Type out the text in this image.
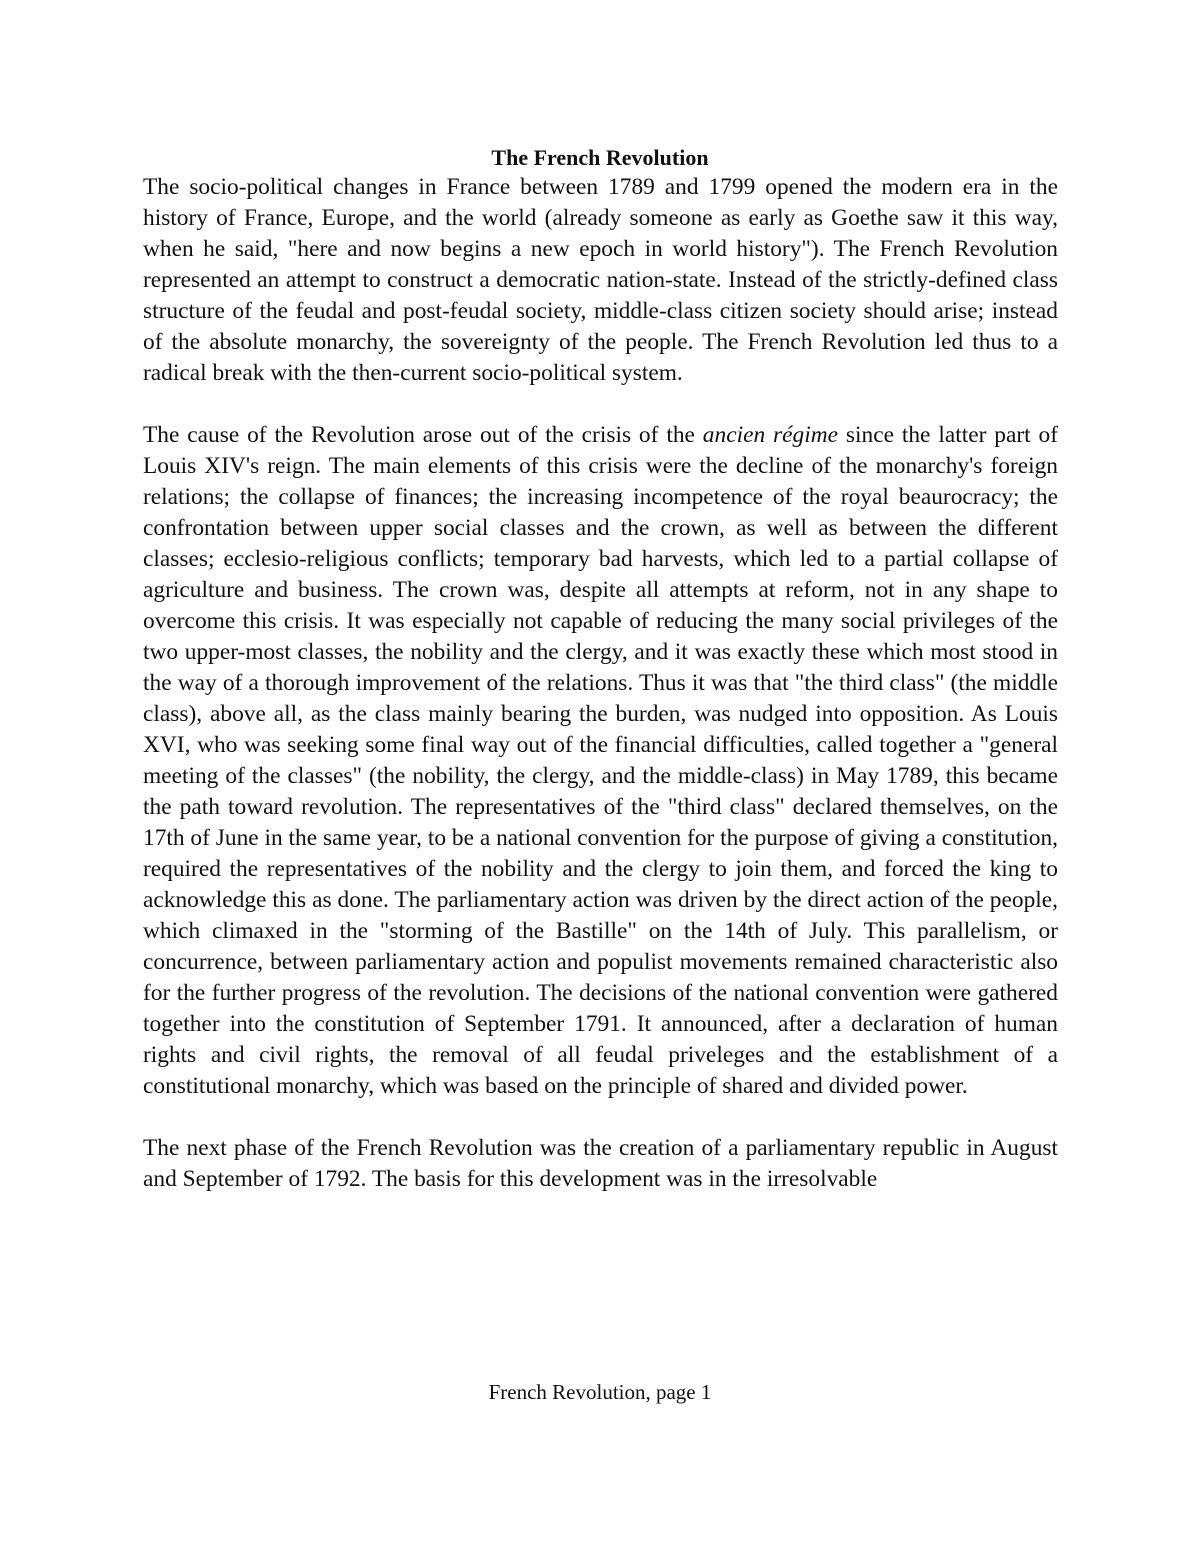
The French Revolution

The socio-political changes in France between 1789 and 1799 opened the modern era in the history of France, Europe, and the world (already someone as early as Goethe saw it this way, when he said, "here and now begins a new epoch in world history"). The French Revolution represented an attempt to construct a democratic nation-state. Instead of the strictly-defined class structure of the feudal and post-feudal society, middle-class citizen society should arise; instead of the absolute monarchy, the sovereignty of the people. The French Revolution led thus to a radical break with the then-current socio-political system.

The cause of the Revolution arose out of the crisis of the ancien régime since the latter part of Louis XIV's reign. The main elements of this crisis were the decline of the monarchy's foreign relations; the collapse of finances; the increasing incompetence of the royal beaurocracy; the confrontation between upper social classes and the crown, as well as between the different classes; ecclesio-religious conflicts; temporary bad harvests, which led to a partial collapse of agriculture and business. The crown was, despite all attempts at reform, not in any shape to overcome this crisis. It was especially not capable of reducing the many social privileges of the two upper-most classes, the nobility and the clergy, and it was exactly these which most stood in the way of a thorough improvement of the relations. Thus it was that "the third class" (the middle class), above all, as the class mainly bearing the burden, was nudged into opposition. As Louis XVI, who was seeking some final way out of the financial difficulties, called together a "general meeting of the classes" (the nobility, the clergy, and the middle-class) in May 1789, this became the path toward revolution. The representatives of the "third class" declared themselves, on the 17th of June in the same year, to be a national convention for the purpose of giving a constitution, required the representatives of the nobility and the clergy to join them, and forced the king to acknowledge this as done. The parliamentary action was driven by the direct action of the people, which climaxed in the "storming of the Bastille" on the 14th of July. This parallelism, or concurrence, between parliamentary action and populist movements remained characteristic also for the further progress of the revolution. The decisions of the national convention were gathered together into the constitution of September 1791. It announced, after a declaration of human rights and civil rights, the removal of all feudal priveleges and the establishment of a constitutional monarchy, which was based on the principle of shared and divided power.

The next phase of the French Revolution was the creation of a parliamentary republic in August and September of 1792. The basis for this development was in the irresolvable

French Revolution, page 1
